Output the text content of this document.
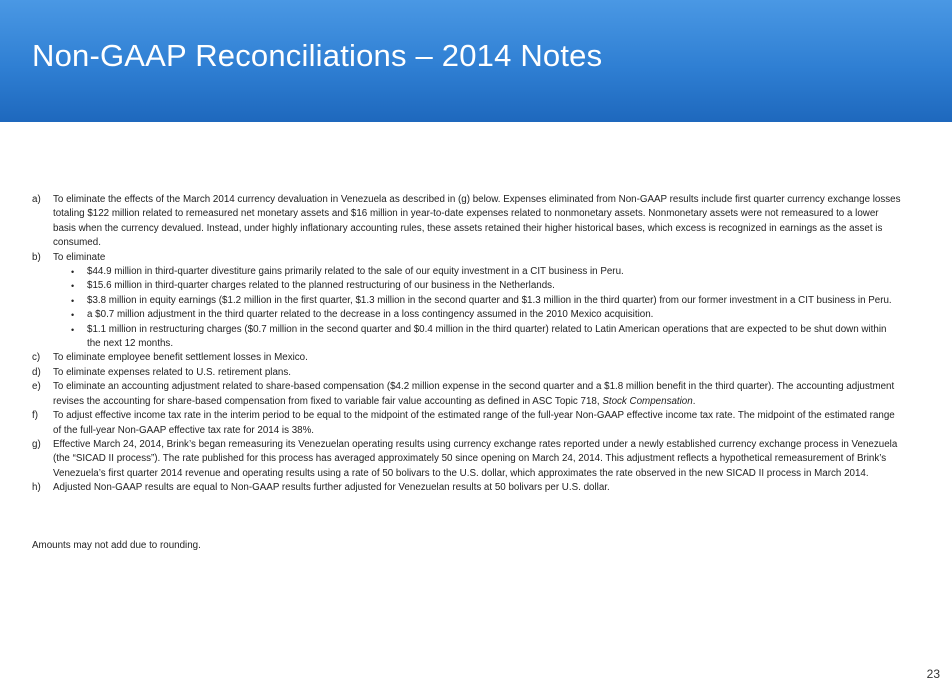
Non-GAAP Reconciliations – 2014 Notes
a)	To eliminate the effects of the March 2014 currency devaluation in Venezuela as described in (g) below. Expenses eliminated from Non-GAAP results include first quarter currency exchange losses totaling $122 million related to remeasured net monetary assets and $16 million in year-to-date expenses related to nonmonetary assets. Nonmonetary assets were not remeasured to a lower basis when the currency devalued. Instead, under highly inflationary accounting rules, these assets retained their higher historical bases, which excess is recognized in earnings as the asset is consumed.
b)	To eliminate
•	$44.9 million in third-quarter divestiture gains primarily related to the sale of our equity investment in a CIT business in Peru.
•	$15.6 million in third-quarter charges related to the planned restructuring of our business in the Netherlands.
•	$3.8 million in equity earnings ($1.2 million in the first quarter, $1.3 million in the second quarter and $1.3 million in the third quarter) from our former investment in a CIT business in Peru.
•	a $0.7 million adjustment in the third quarter related to the decrease in a loss contingency assumed in the 2010 Mexico acquisition.
•	$1.1 million in restructuring charges ($0.7 million in the second quarter and $0.4 million in the third quarter) related to Latin American operations that are expected to be shut down within the next 12 months.
c)	To eliminate employee benefit settlement losses in Mexico.
d)	To eliminate expenses related to U.S. retirement plans.
e)	To eliminate an accounting adjustment related to share-based compensation ($4.2 million expense in the second quarter and a $1.8 million benefit in the third quarter). The accounting adjustment revises the accounting for share-based compensation from fixed to variable fair value accounting as defined in ASC Topic 718, Stock Compensation.
f)	To adjust effective income tax rate in the interim period to be equal to the midpoint of the estimated range of the full-year Non-GAAP effective income tax rate. The midpoint of the estimated range of the full-year Non-GAAP effective tax rate for 2014 is 38%.
g)	Effective March 24, 2014, Brink’s began remeasuring its Venezuelan operating results using currency exchange rates reported under a newly established currency exchange process in Venezuela (the “SICAD II process”). The rate published for this process has averaged approximately 50 since opening on March 24, 2014. This adjustment reflects a hypothetical remeasurement of Brink’s Venezuela’s first quarter 2014 revenue and operating results using a rate of 50 bolivars to the U.S. dollar, which approximates the rate observed in the new SICAD II process in March 2014.
h)	Adjusted Non-GAAP results are equal to Non-GAAP results further adjusted for Venezuelan results at 50 bolivars per U.S. dollar.
Amounts may not add due to rounding.
23
